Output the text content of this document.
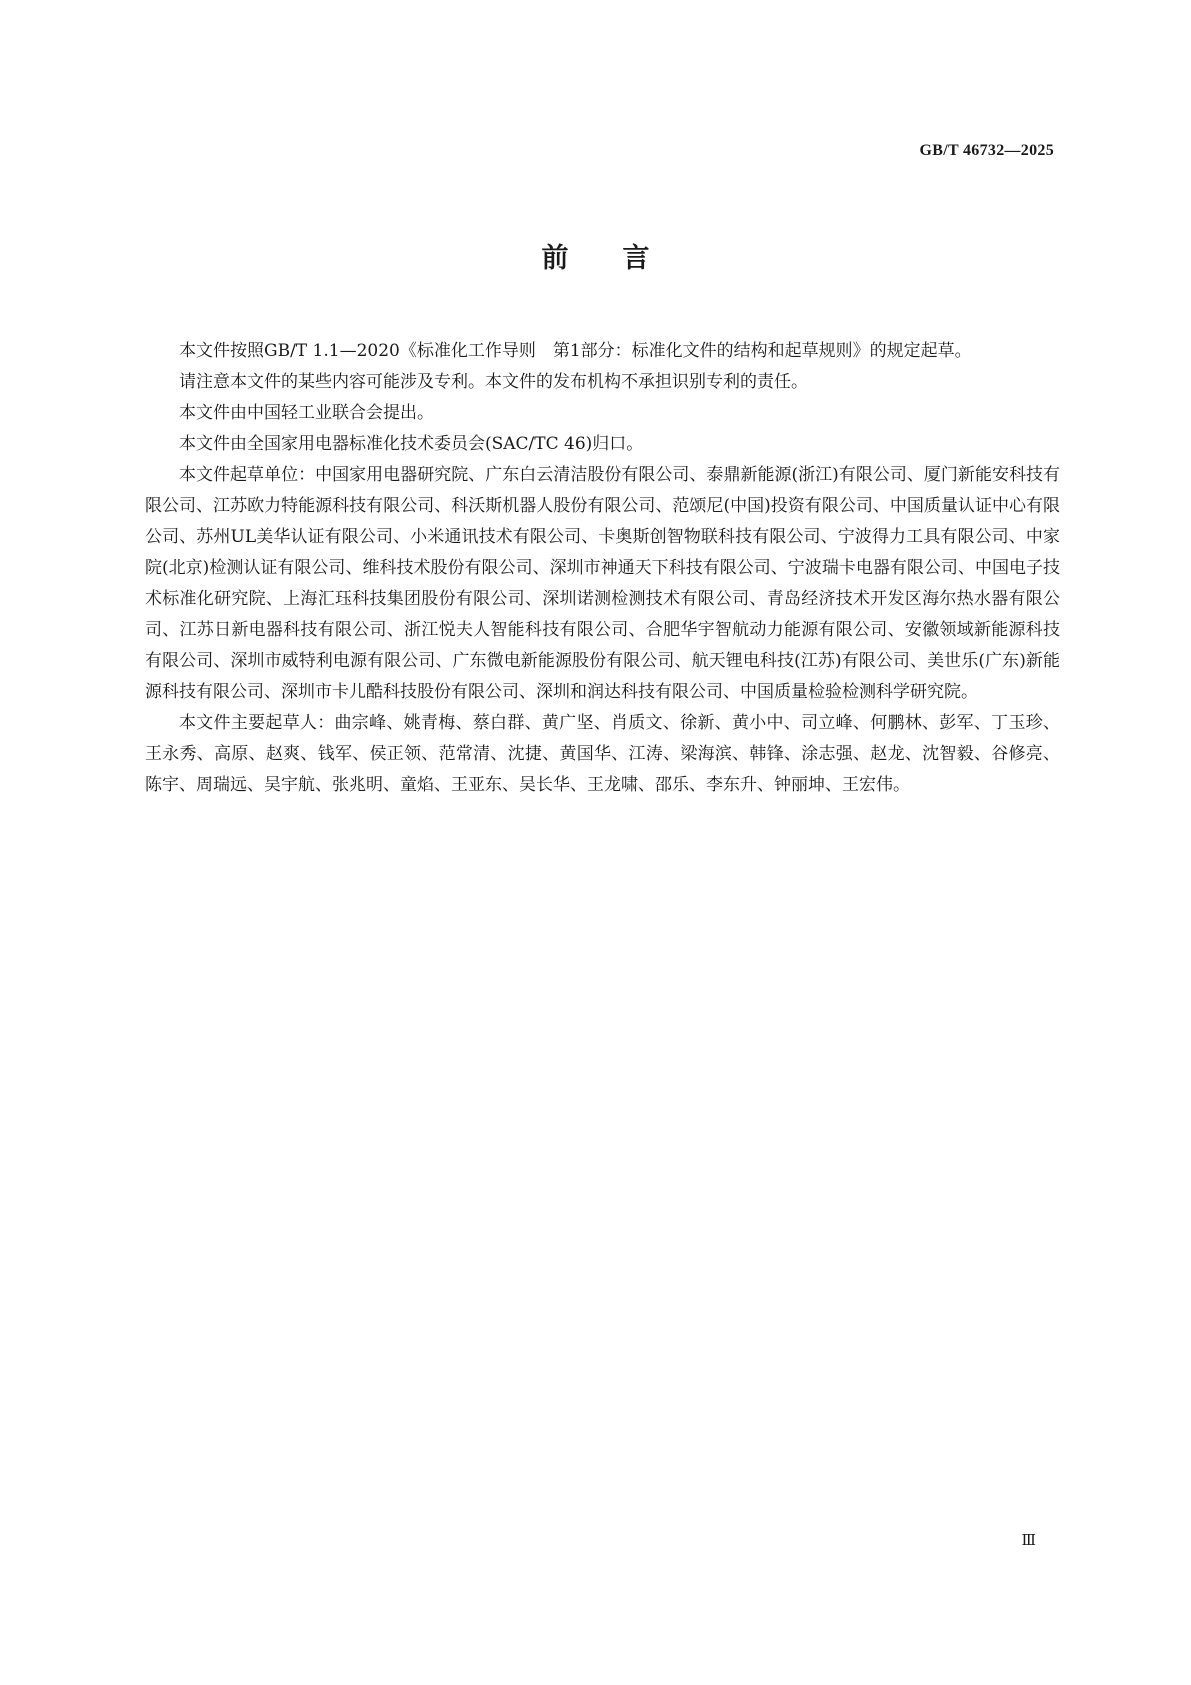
GB/T 46732—2025
前言

本文件按照GB/T 1.1—2020《标准化工作导则　第1部分：标准化文件的结构和起草规则》的规定起草。

请注意本文件的某些内容可能涉及专利。本文件的发布机构不承担识别专利的责任。

本文件由中国轻工业联合会提出。

本文件由全国家用电器标准化技术委员会(SAC/TC 46)归口。

本文件起草单位：中国家用电器研究院、广东白云清洁股份有限公司、泰鼎新能源(浙江)有限公司、厦门新能安科技有限公司、江苏欧力特能源科技有限公司、科沃斯机器人股份有限公司、范颂尼(中国)投资有限公司、中国质量认证中心有限公司、苏州UL美华认证有限公司、小米通讯技术有限公司、卡奥斯创智物联科技有限公司、宁波得力工具有限公司、中家院(北京)检测认证有限公司、维科技术股份有限公司、深圳市神通天下科技有限公司、宁波瑞卡电器有限公司、中国电子技术标准化研究院、上海汇珏科技集团股份有限公司、深圳诺测检测技术有限公司、青岛经济技术开发区海尔热水器有限公司、江苏日新电器科技有限公司、浙江悦夫人智能科技有限公司、合肥华宇智航动力能源有限公司、安徽领域新能源科技有限公司、深圳市威特利电源有限公司、广东微电新能源股份有限公司、航天锂电科技(江苏)有限公司、美世乐(广东)新能源科技有限公司、深圳市卡儿酷科技股份有限公司、深圳和润达科技有限公司、中国质量检验检测科学研究院。

本文件主要起草人：曲宗峰、姚青梅、蔡白群、黄广坚、肖质文、徐新、黄小中、司立峰、何鹏林、彭军、丁玉珍、王永秀、高原、赵爽、钱军、侯正领、范常清、沈捷、黄国华、江涛、梁海滨、韩锋、涂志强、赵龙、沈智毅、谷修亮、陈宇、周瑞远、吴宇航、张兆明、童焰、王亚东、吴长华、王龙啸、邵乐、李东升、钟丽坤、王宏伟。

Ⅲ
